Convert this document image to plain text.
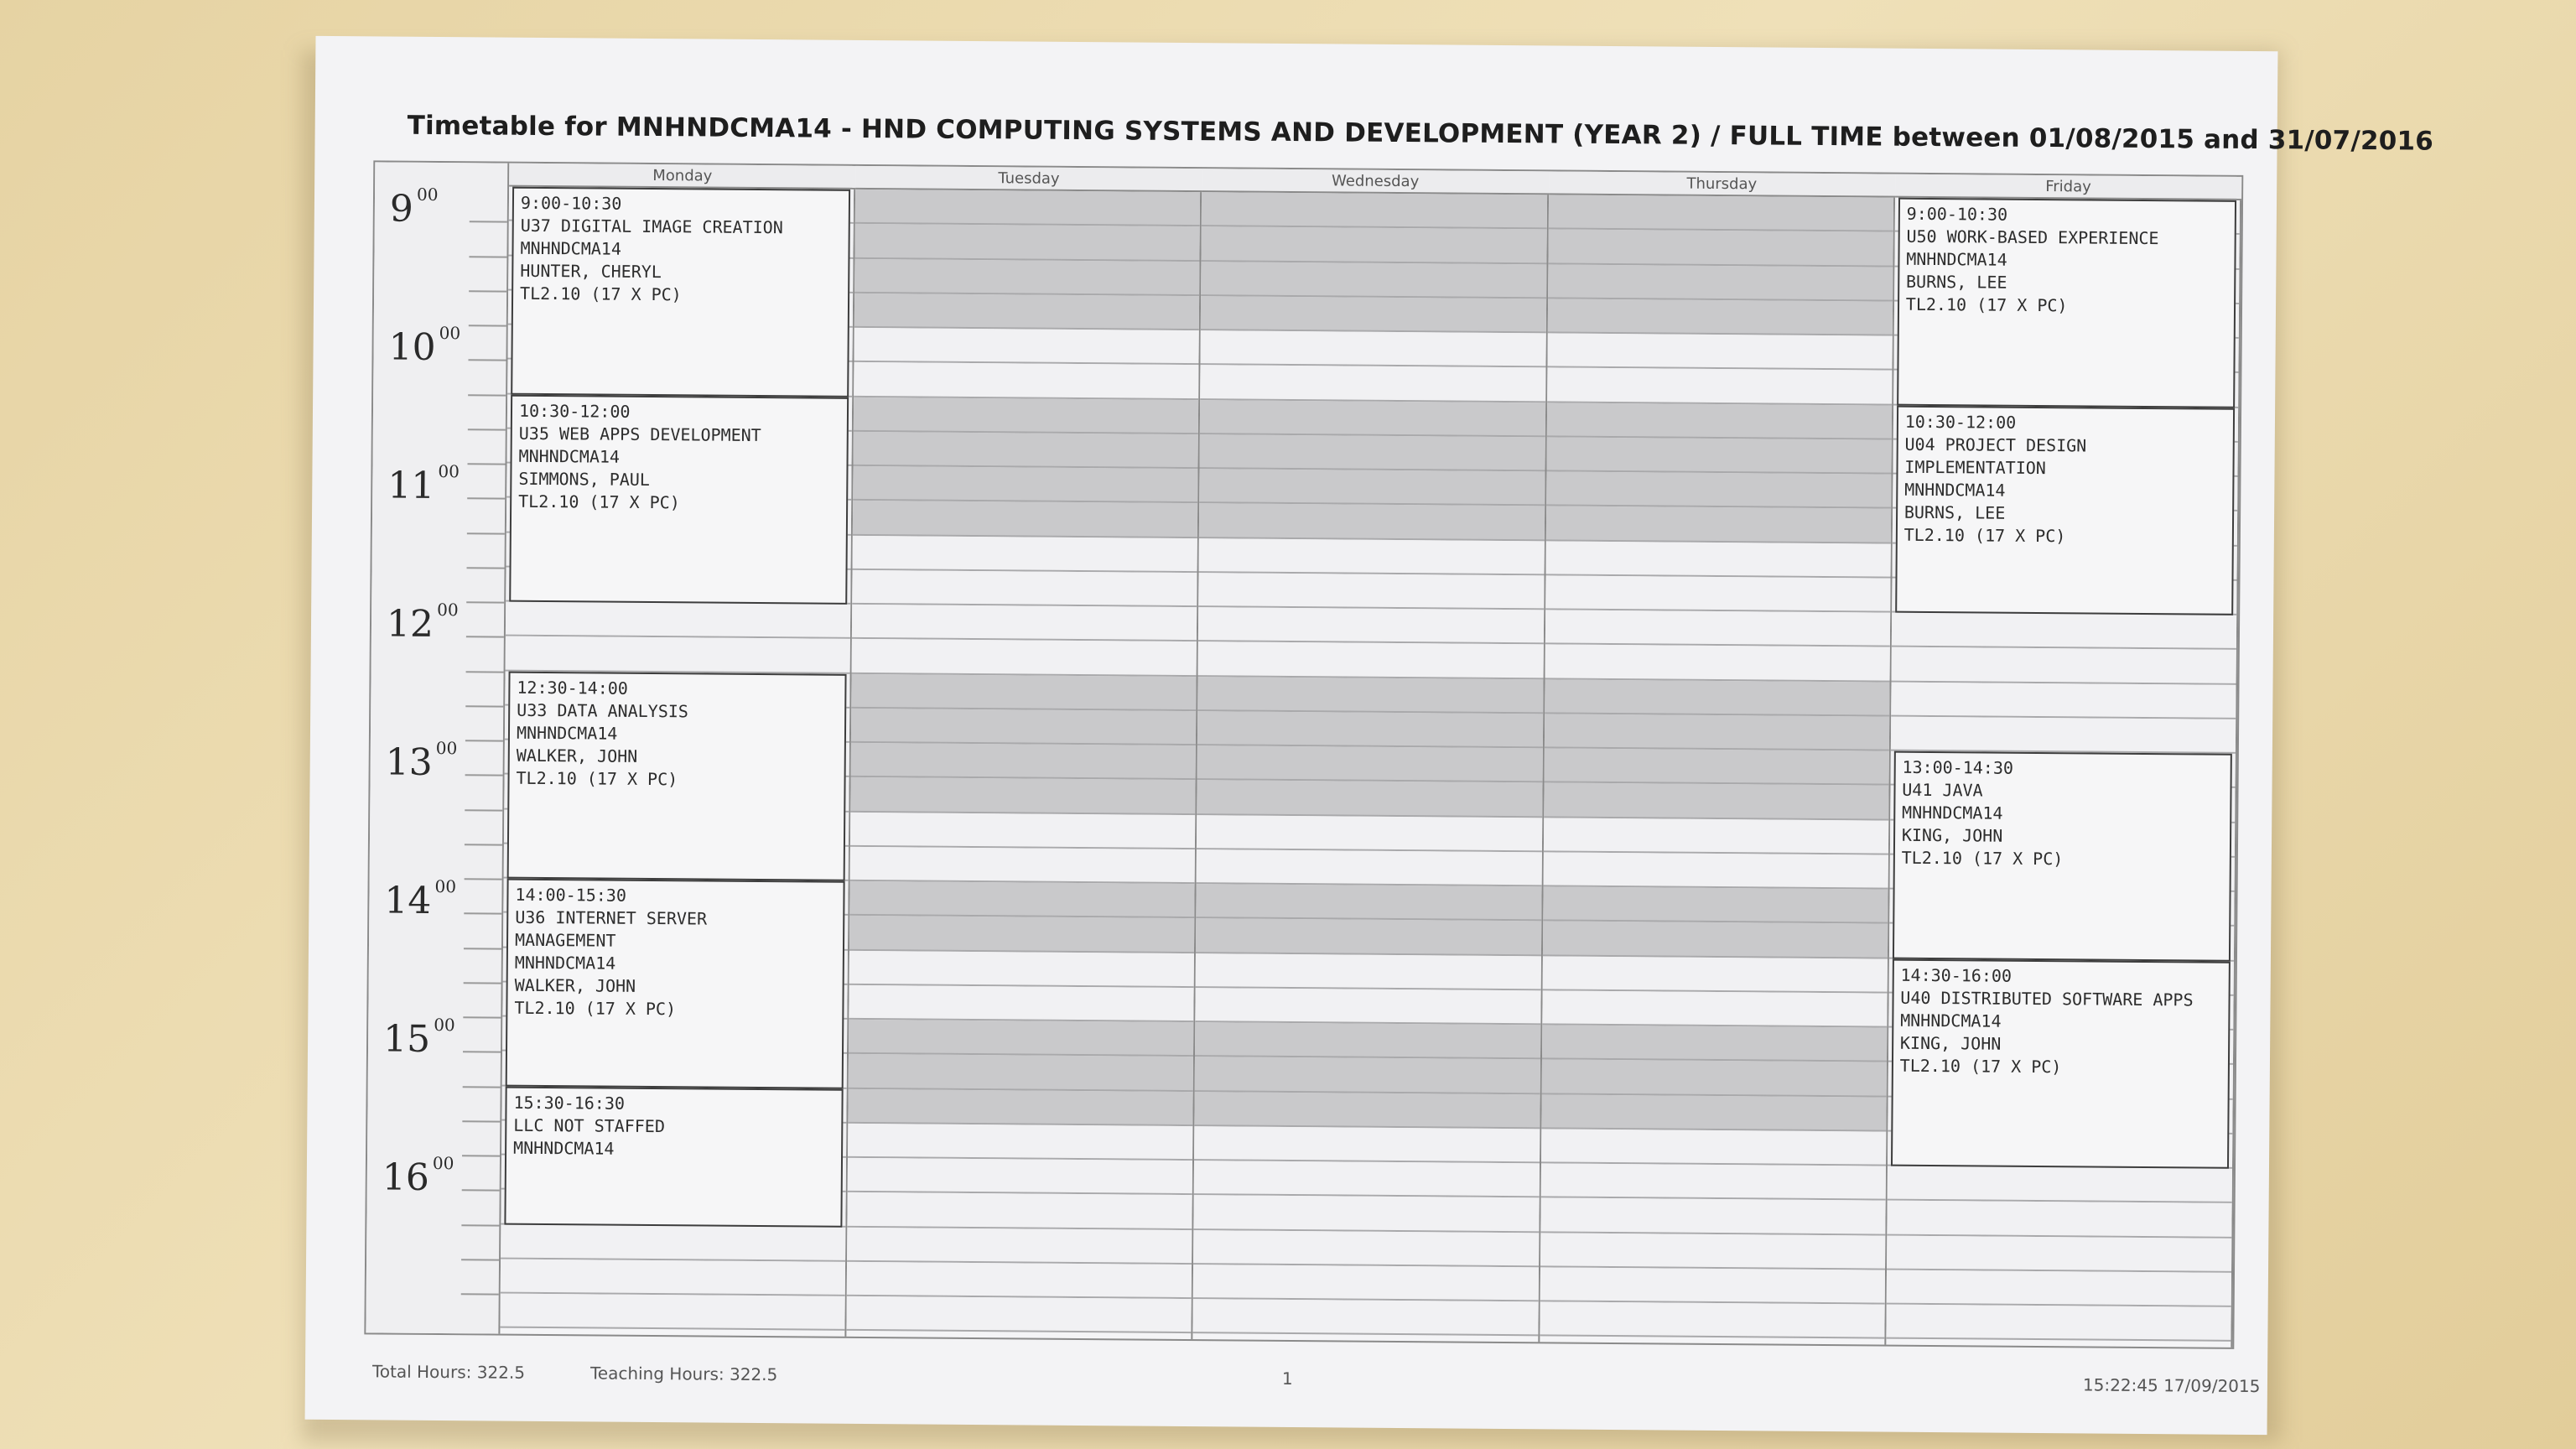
Timetable for MNHNDCMA14 - HND COMPUTING SYSTEMS AND DEVELOPMENT (YEAR 2) / FULL TIME between 01/08/2015 and 31/07/2016
9 $^{00}$
10 $^{00}$
11 $^{00}$
12 $^{00}$
13 $^{00}$
14 $^{00}$
15 $^{00}$
16 $^{00}$
Monday
9:00-10:30
U37 DIGITAL IMAGE CREATION
MNHNDCMA14
HUNTER, CHERYL
TL2.10 (17 X PC)
10:30-12:00
U35 WEB APPS DEVELOPMENT
MNHNDCMA14
SIMMONS, PAUL
TL2.10 (17 X PC)
12:30-14:00
U33 DATA ANALYSIS
MNHNDCMA14
WALKER, JOHN
TL2.10 (17 X PC)
14:00-15:30
U36 INTERNET SERVER
MANAGEMENT
MNHNDCMA14
WALKER, JOHN
TL2.10 (17 X PC)
15:30-16:30
LLC NOT STAFFED
MNHNDCMA14
Tuesday	Wednesday	Thursday	Friday
9:00-10:30
U50 WORK-BASED EXPERIENCE
MNHNDCMA14
BURNS, LEE
TL2.10 (17 X PC)
10:30-12:00
U04 PROJECT DESIGN
IMPLEMENTATION
MNHNDCMA14
BURNS, LEE
TL2.10 (17 X PC)
13:00-14:30
U41 JAVA
MNHNDCMA14
KING, JOHN
TL2.10 (17 X PC)
14:30-16:00
U40 DISTRIBUTED SOFTWARE APPS
MNHNDCMA14
KING, JOHN
TL2.10 (17 X PC)
Total Hours: 322.5	Teaching Hours: 322.5	1	15:22:45 17/09/2015
